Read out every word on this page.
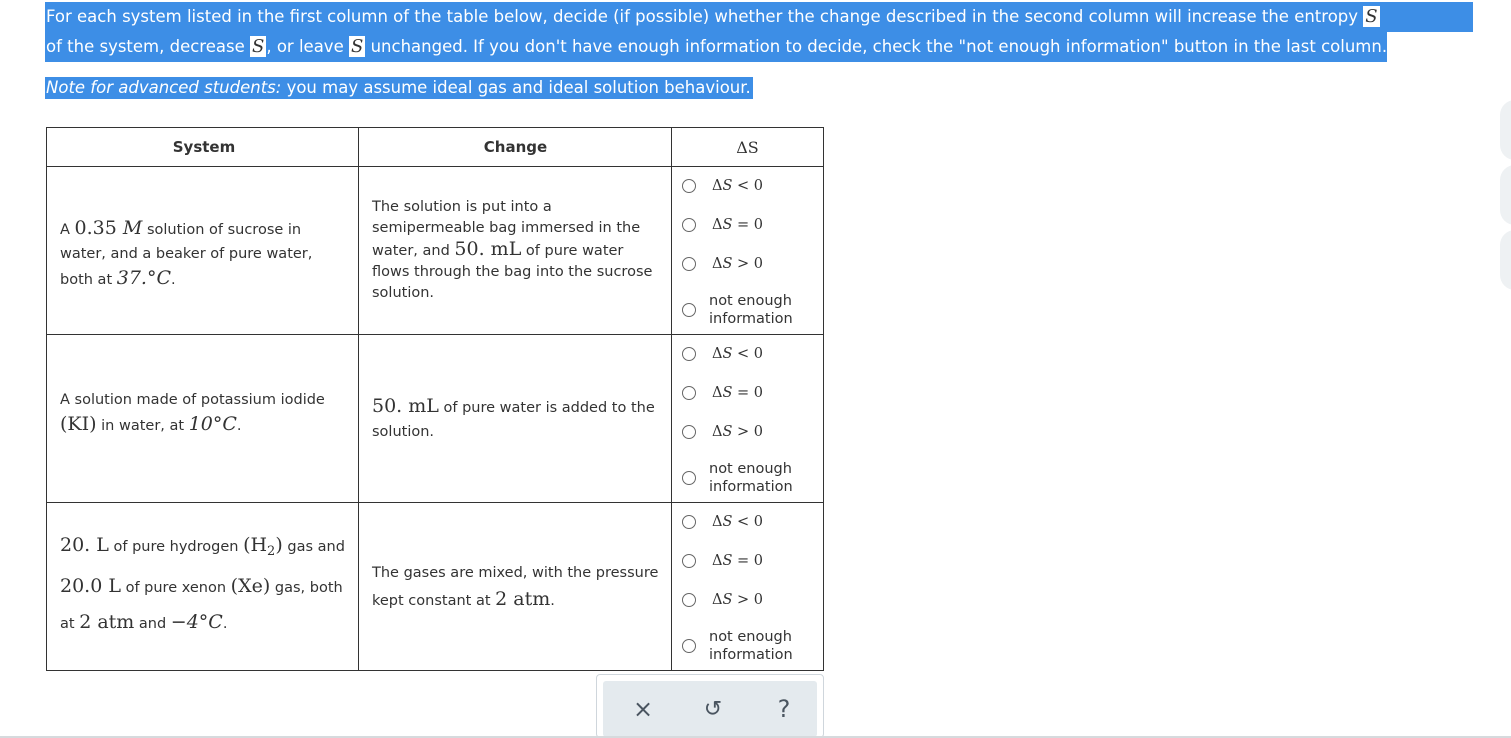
For each system listed in the first column of the table below, decide (if possible) whether the change described in the second column will increase the entropy S
of the system, decrease S , or leave S unchanged. If you don't have enough information to decide, check the "not enough information" button in the last column.
Note for advanced students: you may assume ideal gas and ideal solution behaviour.
System	Change	ΔS
A 0.35 M solution of sucrose in water, and a beaker of pure water, both at 37.°C.	The solution is put into a semipermeable bag immersed in the water, and 50. mL of pure water flows through the bag into the sucrose solution.	ΔS < 0
ΔS = 0
ΔS > 0
not enough information

A solution made of potassium iodide (KI) in water, at 10°C.	50. mL of pure water is added to the solution.	ΔS < 0
ΔS = 0
ΔS > 0
not enough information

20. L of pure hydrogen $(H_2)$ gas and 20.0 L of pure xenon (Xe) gas, both at 2 atm and −4°C.	The gases are mixed, with the pressure kept constant at 2 atm.	ΔS < 0
ΔS = 0
ΔS > 0
not enough information
× ↺ ?
